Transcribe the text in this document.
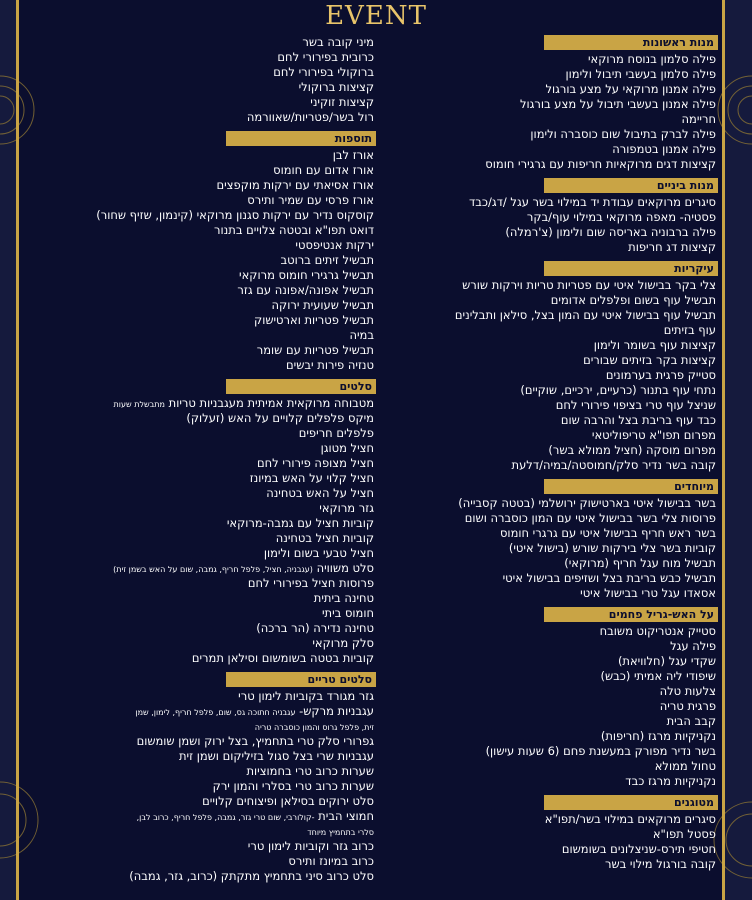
EVENT
מנות ראשונות
פילה סלמון בנוסח מרוקאי
פילה סלמון בעשבי תיבול ולימון
פילה אמנון מרוקאי על מצע בורגול
פילה אמנון בעשבי תיבול על מצע בורגול
חריימה
פילה לברק בתיבול שום כוסברה ולימון
פילה אמנון בטמפורה
קציצות דגים מרוקאיות חריפות עם גרגירי חומוס
מנות ביניים
סיגרים מרוקאים עבודת יד במילוי בשר עגל /דג/כבד
פסטיה- מאפה מרוקאי במילוי עוף/בקר
פילה ברבוניה באריסה שום ולימון (צ'רמלה)
קציצות דג חריפות
עיקריות
צלי בקר בבישול איטי עם פטריות טריות וירקות שורש
תבשיל עוף בשום ופלפלים אדומים
תבשיל עוף בבישול איטי עם המון בצל, סילאן ותבלינים
עוף בזיתים
קציצות עוף בשומר ולימון
קציצות בקר בזיתים שבורים
סטייק פרגית בערמונים
נתחי עוף בתנור (כרעיים, ירכיים, שוקיים)
שניצל עוף טרי בציפוי פירורי לחם
כבד עוף בריבת בצל והרבה שום
מפרום תפו"א טריפוליטאי
מפרום מוסקה (חציל ממולא בשר)
קובה בשר נדיר סלק/חמוסטה/במיה/דלעת
מיוחדים
בשר בבישול איטי בארטישוק ירושלמי (בטטה קסבייה)
פרוסות צלי בשר בבישול איטי עם המון כוסברה ושום
בשר ראש חריף בבישול איטי עם גרגרי חומוס
קוביות בשר צלי בירקות שורש (בישול איטי)
תבשיל מוח עגל חריף (מרוקאי)
תבשיל כבש בריבת בצל ושזיפים בבישול איטי
אסאדו עגל טרי בבישול איטי
על האש-גריל פחמים
סטייק אנטריקוט משובח
פילה עגל
שקדי עגל (חלוויאת)
שיפודי ליה אמיתי (כבש)
צלעות טלה
פרגית טריה
קבב הבית
נקניקיות מרגז (חריפות)
בשר נדיר מפורק במעשנת פחם (6 שעות עישון)
טחול ממולא
נקניקיות מרגז כבד
מטוגנים
סיגרים מרוקאים במילוי בשר/תפו"א
פסטל תפו"א
חטיפי תירס-שניצלונים בשומשום
קובה בורגול מילוי בשר
מיני קובה בשר
כרובית בפירורי לחם
ברוקולי בפירורי לחם
קציצות ברוקולי
קציצות זוקיני
רול בשר/פטריות/שאוורמה
תוספות
אורז לבן
אורז אדום עם חומוס
אורז אסיאתי עם ירקות מוקפצים
אורז פרסי עם שמיר ותירס
קוסקוס נדיר עם ירקות סגנון מרוקאי (קינמון, שזיף שחור)
דואט תפו"א ובטטה צלויים בתנור
ירקות אנטיפסטי
תבשיל זיתים ברוטב
תבשיל גרגירי חומוס מרוקאי
תבשיל אפונה/אפונה עם גזר
תבשיל שעועית ירוקה
תבשיל פטריות וארטישוק
במיה
תבשיל פטריות עם שומר
טנזיה פירות יבשים
סלטים
מטבוחה מרוקאית אמיתית מעגבניות טריות מתבשלת שעות
מיקס פלפלים קלויים על האש (זעלוק)
פלפלים חריפים
חציל מטוגן
חציל מצופה פירורי לחם
חציל קלוי על האש במיונז
חציל על האש בטחינה
גזר מרוקאי
קוביות חציל עם גמבה-מרוקאי
קוביות חציל בטחינה
חציל טבעי בשום ולימון
סלט משוויה (עגבניה, חציל, פלפל חריף, גמבה, שום על האש בשמן זית)
פרוסות חציל בפירורי לחם
טחינה ביתית
חומוס ביתי
טחינה נדירה (הר ברכה)
סלק מרוקאי
קוביות בטטה בשומשום וסילאן תמרים
סלטים טריים
גזר מגורד בקוביות לימון טרי
עגבניות מרקש- עגבניה חתוכה גס, שום, פלפל חריף, לימון, שמן
זית, פלפל גרוס והמון כוסברה טריה
גפרורי סלק טרי בתחמיץ, בצל ירוק ושמן שומשום
עגבניות שרי בצל סגול בזיליקום ושמן זית
שערות כרוב טרי בחמוציות
שערות כרוב טרי בסלרי והמון ירק
סלט ירוקים בסילאן ופיצוחים קלויים
חמוצי הבית -קולורבי, שום טרי גזר, גמבה, פלפל חריף, כרוב לבן,
סלרי בתחמיץ מיוחד
כרוב גזר וקוביות לימון טרי
כרוב במיונז ותירס
סלט כרוב סיני בתחמיץ מתקתק (כרוב, גזר, גמבה)
